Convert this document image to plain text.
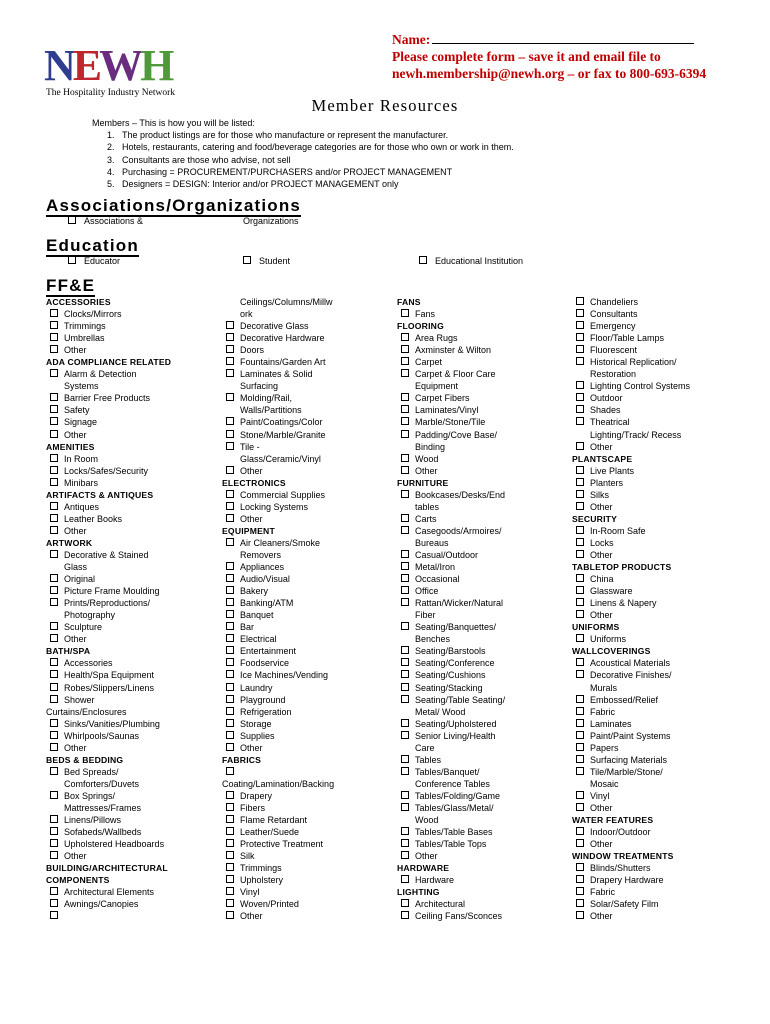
NEWH
The Hospitality Industry Network
Name:
Please complete form – save it and email file to
newh.membership@newh.org – or fax to 800-693-6394
Member Resources
Members – This is how you will be listed:
1. The product listings are for those who manufacture or represent the manufacturer.
2. Hotels, restaurants, catering and food/beverage categories are for those who own or work in them.
3. Consultants are those who advise, not sell
4. Purchasing = PROCUREMENT/PURCHASERS and/or PROJECT MANAGEMENT
5. Designers = DESIGN: Interior and/or PROJECT MANAGEMENT only
Associations/Organizations
Associations &	Organizations
Education
Educator	Student	Educational Institution
FF&E
ACCESSORIES
Clocks/Mirrors
Trimmings
Umbrellas
Other
ADA COMPLIANCE RELATED
Alarm & Detection
Systems
Barrier Free Products
Safety
Signage
Other
AMENITIES
In Room
Locks/Safes/Security
Minibars
ARTIFACTS & ANTIQUES
Antiques
Leather Books
Other
ARTWORK
Decorative & Stained
Glass
Original
Picture Frame Moulding
Prints/Reproductions/
Photography
Sculpture
Other
BATH/SPA
Accessories
Health/Spa Equipment
Robes/Slippers/Linens
Shower
Curtains/Enclosures
Sinks/Vanities/Plumbing
Whirlpools/Saunas
Other
BEDS & BEDDING
Bed Spreads/
Comforters/Duvets
Box Springs/
Mattresses/Frames
Linens/Pillows
Sofabeds/Wallbeds
Upholstered Headboards
Other
BUILDING/ARCHITECTURAL
COMPONENTS
Architectural Elements
Awnings/Canopies
Ceilings/Columns/Millw
ork
Decorative Glass
Decorative Hardware
Doors
Fountains/Garden Art
Laminates & Solid
Surfacing
Molding/Rail,
Walls/Partitions
Paint/Coatings/Color
Stone/Marble/Granite
Tile -
Glass/Ceramic/Vinyl
Other
ELECTRONICS
Commercial Supplies
Locking Systems
Other
EQUIPMENT
Air Cleaners/Smoke
Removers
Appliances
Audio/Visual
Bakery
Banking/ATM
Banquet
Bar
Electrical
Entertainment
Foodservice
Ice Machines/Vending
Laundry
Playground
Refrigeration
Storage
Supplies
Other
FABRICS
Coating/Lamination/Backing
Drapery
Fibers
Flame Retardant
Leather/Suede
Protective Treatment
Silk
Trimmings
Upholstery
Vinyl
Woven/Printed
Other
FANS
Fans
FLOORING
Area Rugs
Axminster & Wilton
Carpet
Carpet & Floor Care
Equipment
Carpet Fibers
Laminates/Vinyl
Marble/Stone/Tile
Padding/Cove Base/
Binding
Wood
Other
FURNITURE
Bookcases/Desks/End
tables
Carts
Casegoods/Armoires/
Bureaus
Casual/Outdoor
Metal/Iron
Occasional
Office
Rattan/Wicker/Natural
Fiber
Seating/Banquettes/
Benches
Seating/Barstools
Seating/Conference
Seating/Cushions
Seating/Stacking
Seating/Table Seating/
Metal/ Wood
Seating/Upholstered
Senior Living/Health
Care
Tables
Tables/Banquet/
Conference Tables
Tables/Folding/Game
Tables/Glass/Metal/
Wood
Tables/Table Bases
Tables/Table Tops
Other
HARDWARE
Hardware
LIGHTING
Architectural
Ceiling Fans/Sconces
Chandeliers
Consultants
Emergency
Floor/Table Lamps
Fluorescent
Historical Replication/
Restoration
Lighting Control Systems
Outdoor
Shades
Theatrical
Lighting/Track/ Recess
Other
PLANTSCAPE
Live Plants
Planters
Silks
Other
SECURITY
In-Room Safe
Locks
Other
TABLETOP PRODUCTS
China
Glassware
Linens & Napery
Other
UNIFORMS
Uniforms
WALLCOVERINGS
Acoustical Materials
Decorative Finishes/
Murals
Embossed/Relief
Fabric
Laminates
Paint/Paint Systems
Papers
Surfacing Materials
Tile/Marble/Stone/
Mosaic
Vinyl
Other
WATER FEATURES
Indoor/Outdoor
Other
WINDOW TREATMENTS
Blinds/Shutters
Drapery Hardware
Fabric
Solar/Safety Film
Other
